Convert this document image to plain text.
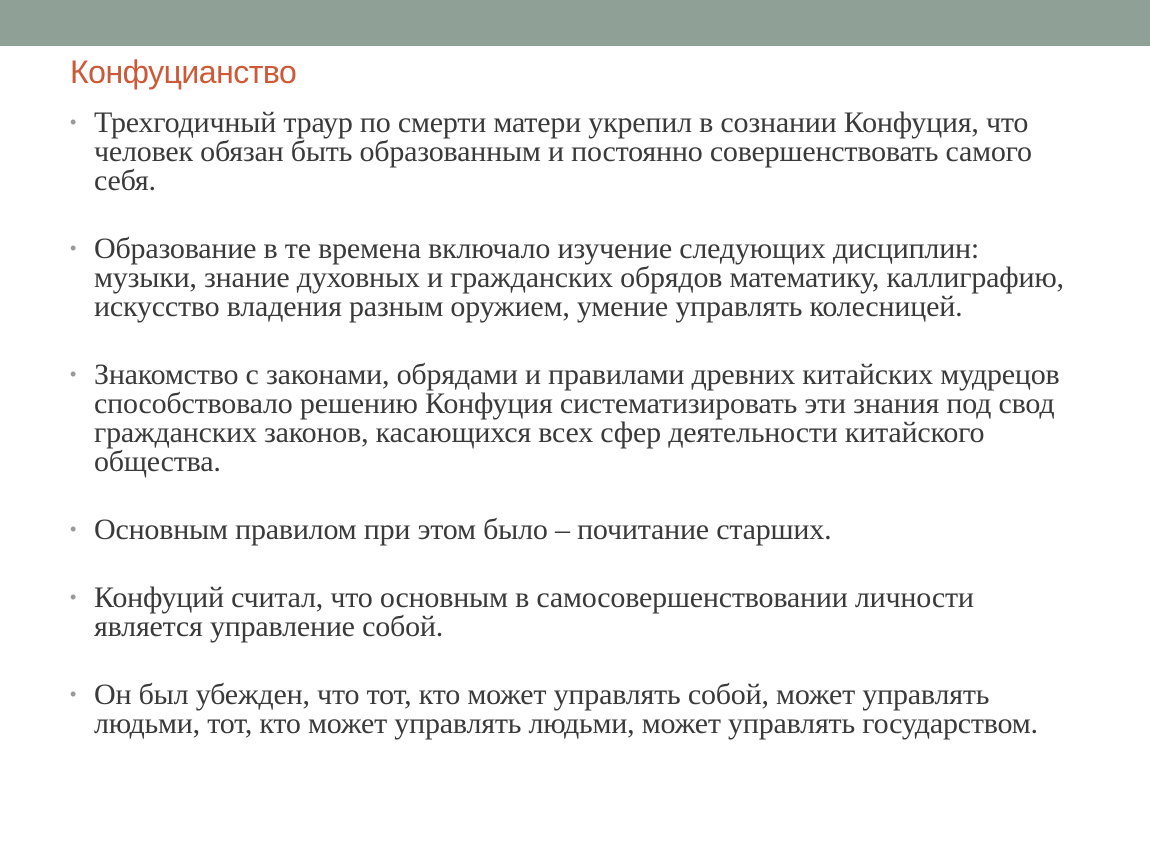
Конфуцианство
• Трехгодичный траур по смерти матери укрепил в сознании Конфуция, что человек обязан быть образованным и постоянно совершенствовать самого себя.
• Образование в те времена включало изучение следующих дисциплин: музыки, знание духовных и гражданских обрядов математику, каллиграфию, искусство владения разным оружием, умение управлять колесницей.
• Знакомство с законами, обрядами и правилами древних китайских мудрецов способствовало решению Конфуция систематизировать эти знания под свод гражданских законов, касающихся всех сфер деятельности китайского общества.
• Основным правилом при этом было – почитание старших.
• Конфуций считал, что основным в самосовершенствовании личности является управление собой.
• Он был убежден, что тот, кто может управлять собой, может управлять людьми, тот, кто может управлять людьми, может управлять государством.
